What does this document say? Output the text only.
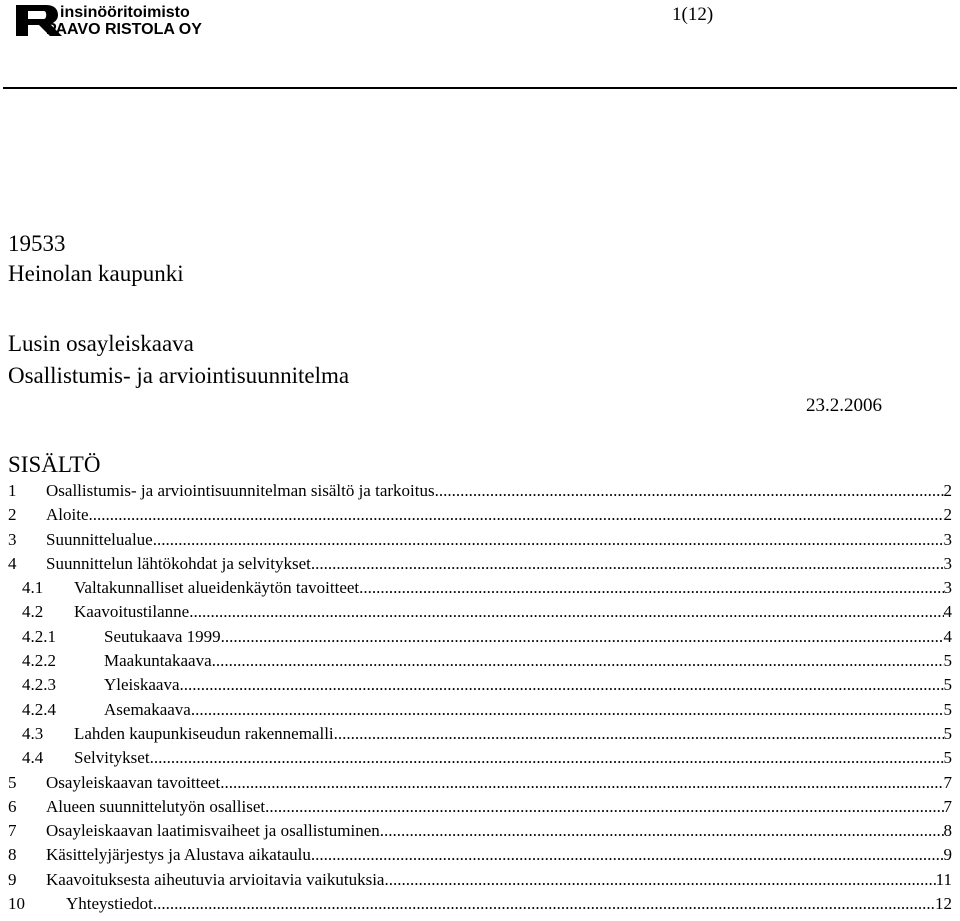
insinööritoimisto
PAAVO RISTOLA OY
1(12)
19533
Heinolan kaupunki
Lusin osayleiskaava
Osallistumis- ja arviointisuunnitelma
23.2.2006
SISÄLTÖ
1	Osallistumis- ja arviointisuunnitelman sisältö ja tarkoitus .....	2
2	Aloite .....	2
3	Suunnittelualue .....	3
4	Suunnittelun lähtökohdat ja selvitykset .....	3
4.1	Valtakunnalliset alueidenkäytön tavoitteet .....	3
4.2	Kaavoitustilanne .....	4
4.2.1	Seutukaava 1999 .....	4
4.2.2	Maakuntakaava .....	5
4.2.3	Yleiskaava .....	5
4.2.4	Asemakaava .....	5
4.3	Lahden kaupunkiseudun rakennemalli .....	5
4.4	Selvitykset .....	5
5	Osayleiskaavan tavoitteet .....	7
6	Alueen suunnittelutyön osalliset .....	7
7	Osayleiskaavan laatimisvaiheet ja osallistuminen .....	8
8	Käsittelyjärjestys ja Alustava aikataulu .....	9
9	Kaavoituksesta aiheutuvia arvioitavia vaikutuksia .....	11
10	Yhteystiedot .....	12
